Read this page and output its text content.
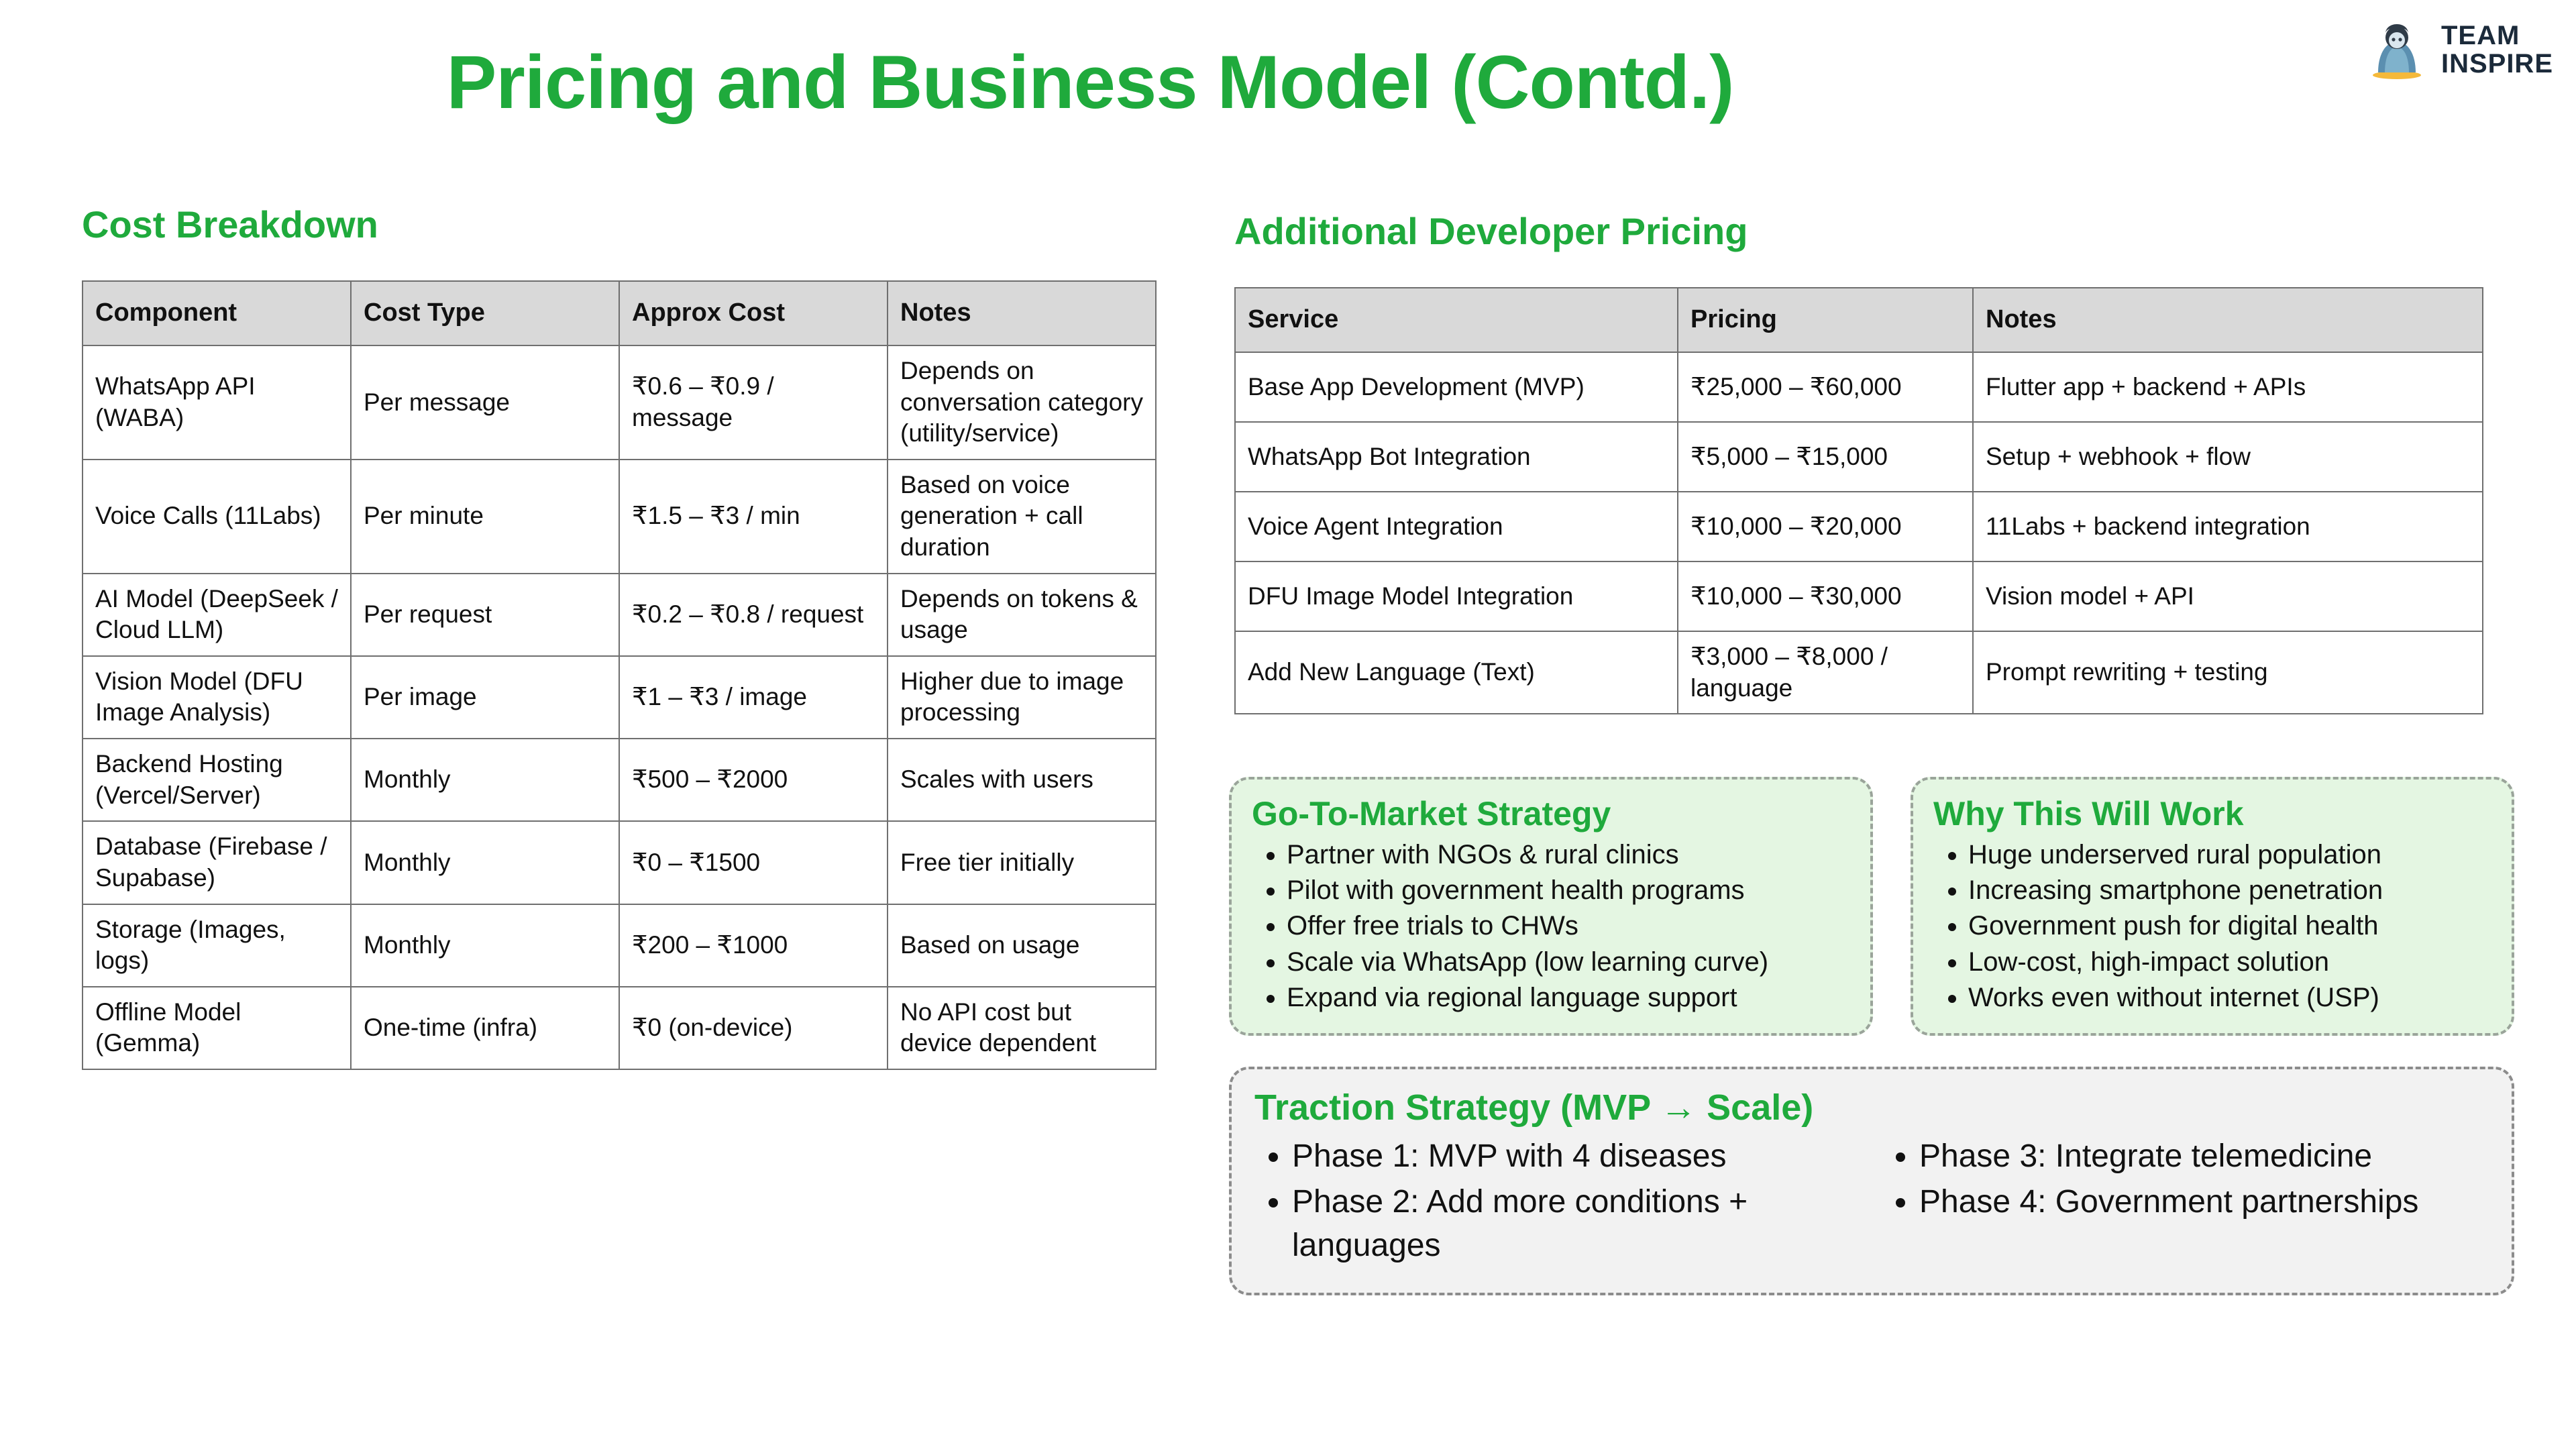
TEAM
INSPIRE
Pricing and Business Model (Contd.)
Cost Breakdown
Component	Cost Type	Approx Cost	Notes
WhatsApp API (WABA)	Per message	₹0.6 – ₹0.9 / message	Depends on conversation category (utility/service)
Voice Calls (11Labs)	Per minute	₹1.5 – ₹3 / min	Based on voice generation + call duration
AI Model (DeepSeek / Cloud LLM)	Per request	₹0.2 – ₹0.8 / request	Depends on tokens & usage
Vision Model (DFU Image Analysis)	Per image	₹1 – ₹3 / image	Higher due to image processing
Backend Hosting (Vercel/Server)	Monthly	₹500 – ₹2000	Scales with users
Database (Firebase / Supabase)	Monthly	₹0 – ₹1500	Free tier initially
Storage (Images, logs)	Monthly	₹200 – ₹1000	Based on usage
Offline Model (Gemma)	One-time (infra)	₹0 (on-device)	No API cost but device dependent
Additional Developer Pricing
Service	Pricing	Notes
Base App Development (MVP)	₹25,000 – ₹60,000	Flutter app + backend + APIs
WhatsApp Bot Integration	₹5,000 – ₹15,000	Setup + webhook + flow
Voice Agent Integration	₹10,000 – ₹20,000	11Labs + backend integration
DFU Image Model Integration	₹10,000 – ₹30,000	Vision model + API
Add New Language (Text)	₹3,000 – ₹8,000 / language	Prompt rewriting + testing
Go-To-Market Strategy
• Partner with NGOs & rural clinics
• Pilot with government health programs
• Offer free trials to CHWs
• Scale via WhatsApp (low learning curve)
• Expand via regional language support
Why This Will Work
• Huge underserved rural population
• Increasing smartphone penetration
• Government push for digital health
• Low-cost, high-impact solution
• Works even without internet (USP)
Traction Strategy (MVP → Scale)
• Phase 1: MVP with 4 diseases
• Phase 2: Add more conditions + languages
• Phase 3: Integrate telemedicine
• Phase 4: Government partnerships
